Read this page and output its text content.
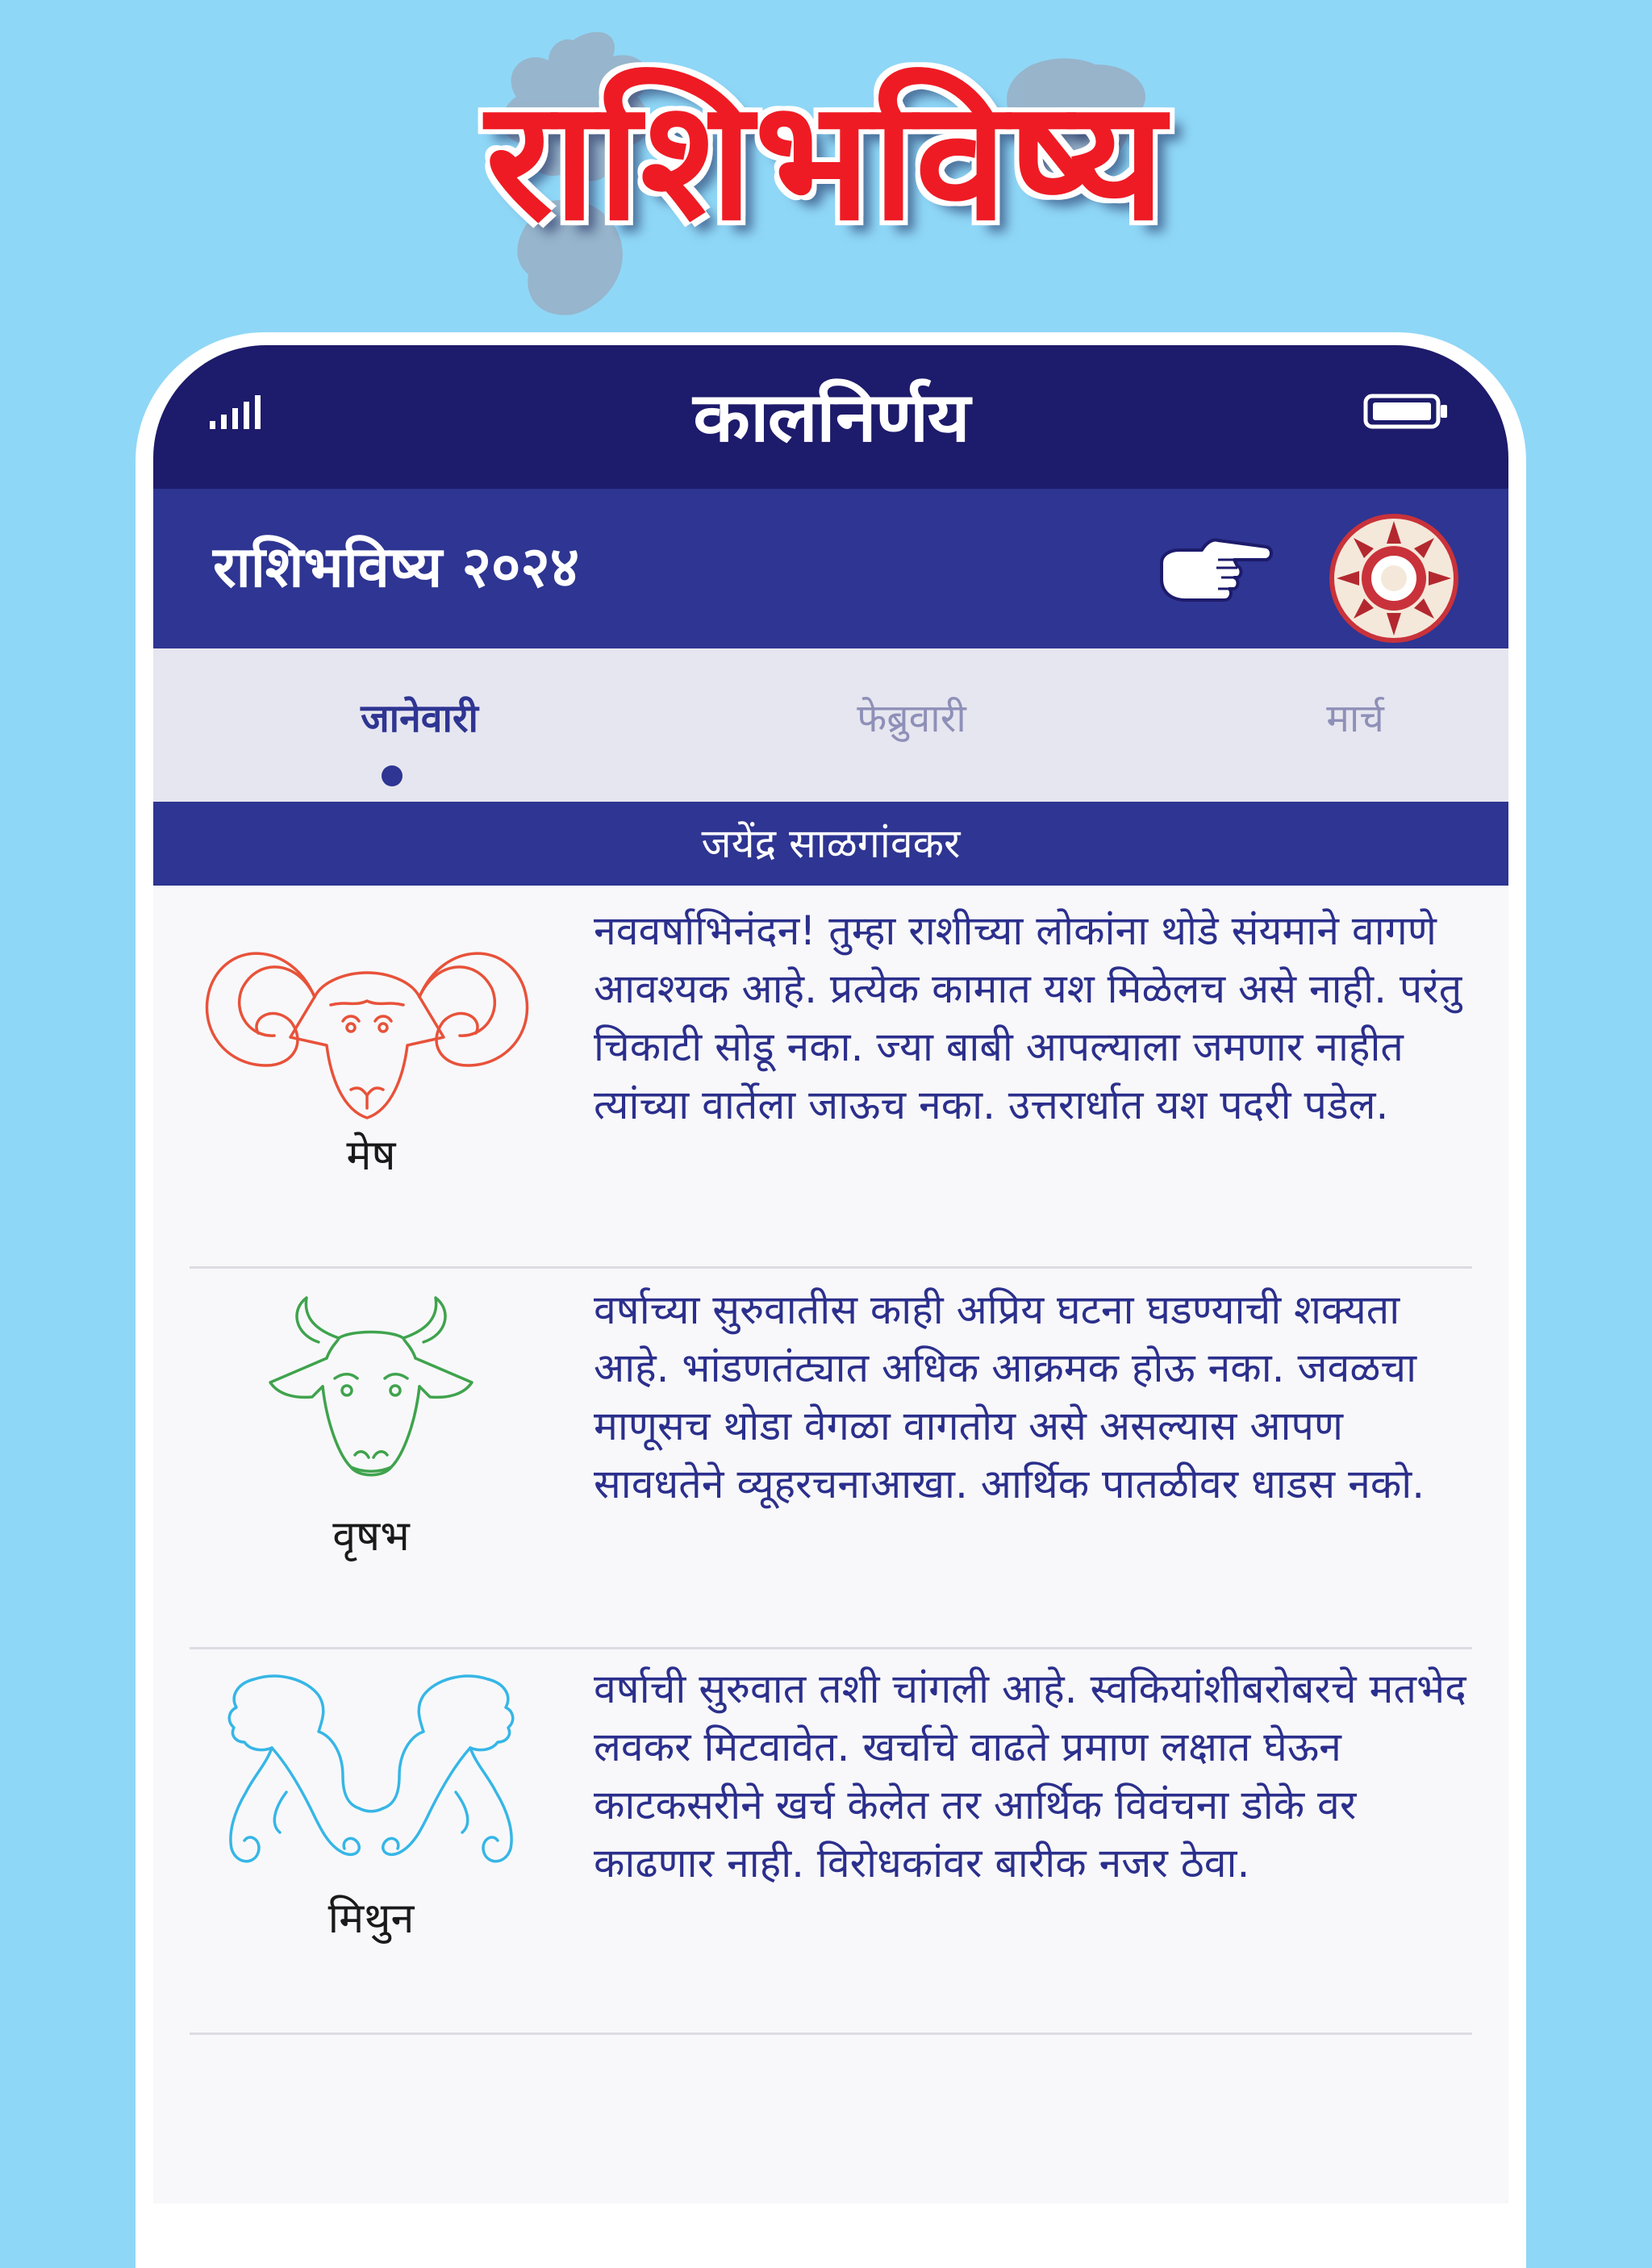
राशिभविष्य
कालनिर्णय
राशिभविष्य २०२४
जानेवारी	फेब्रुवारी	मार्च
जयेंद्र साळगांवकर
मेष
नववर्षाभिनंदन! तुम्हा राशीच्या लोकांना थोडे संयमाने वागणे आवश्यक आहे. प्रत्येक कामात यश मिळेलच असे नाही. परंतु चिकाटी सोडू नका. ज्या बाबी आपल्याला जमणार नाहीत त्यांच्या वार्तेला जाऊच नका. उत्तरार्धात यश पदरी पडेल.
वृषभ
वर्षाच्या सुरुवातीस काही अप्रिय घटना घडण्याची शक्यता आहे. भांडणतंट्यात अधिक आक्रमक होऊ नका. जवळचा माणूसच थोडा वेगळा वागतोय असे असल्यास आपण सावधतेने व्यूहरचनाआखा. आर्थिक पातळीवर धाडस नको.
मिथुन
वर्षाची सुरुवात तशी चांगली आहे. स्वकियांशीबरोबरचे मतभेद लवकर मिटवावेत. खर्चाचे वाढते प्रमाण लक्षात घेऊन काटकसरीने खर्च केलेत तर आर्थिक विवंचना डोके वर काढणार नाही. विरोधकांवर बारीक नजर ठेवा.
